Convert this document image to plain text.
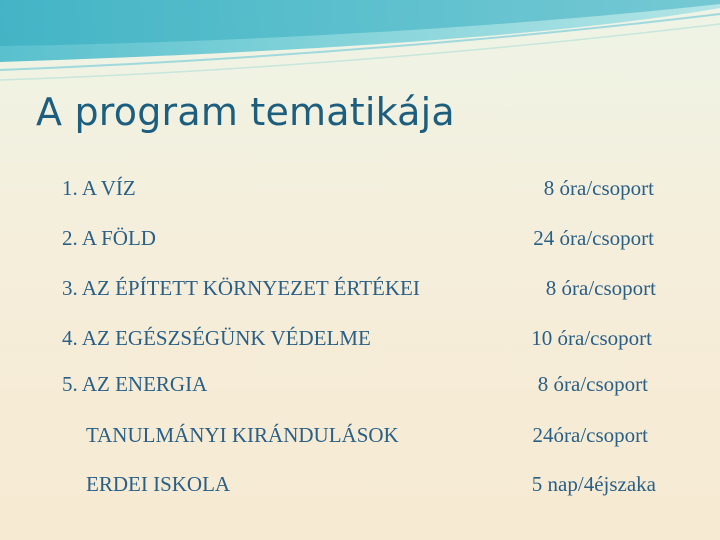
A program tematikája
1. A VÍZ	8 óra/csoport
2. A FÖLD	24 óra/csoport
3. AZ ÉPÍTETT KÖRNYEZET ÉRTÉKEI	8 óra/csoport
4. AZ EGÉSZSÉGÜNK VÉDELME	10 óra/csoport
5. AZ ENERGIA	8 óra/csoport
TANULMÁNYI KIRÁNDULÁSOK	24óra/csoport
ERDEI ISKOLA	5 nap/4éjszaka
